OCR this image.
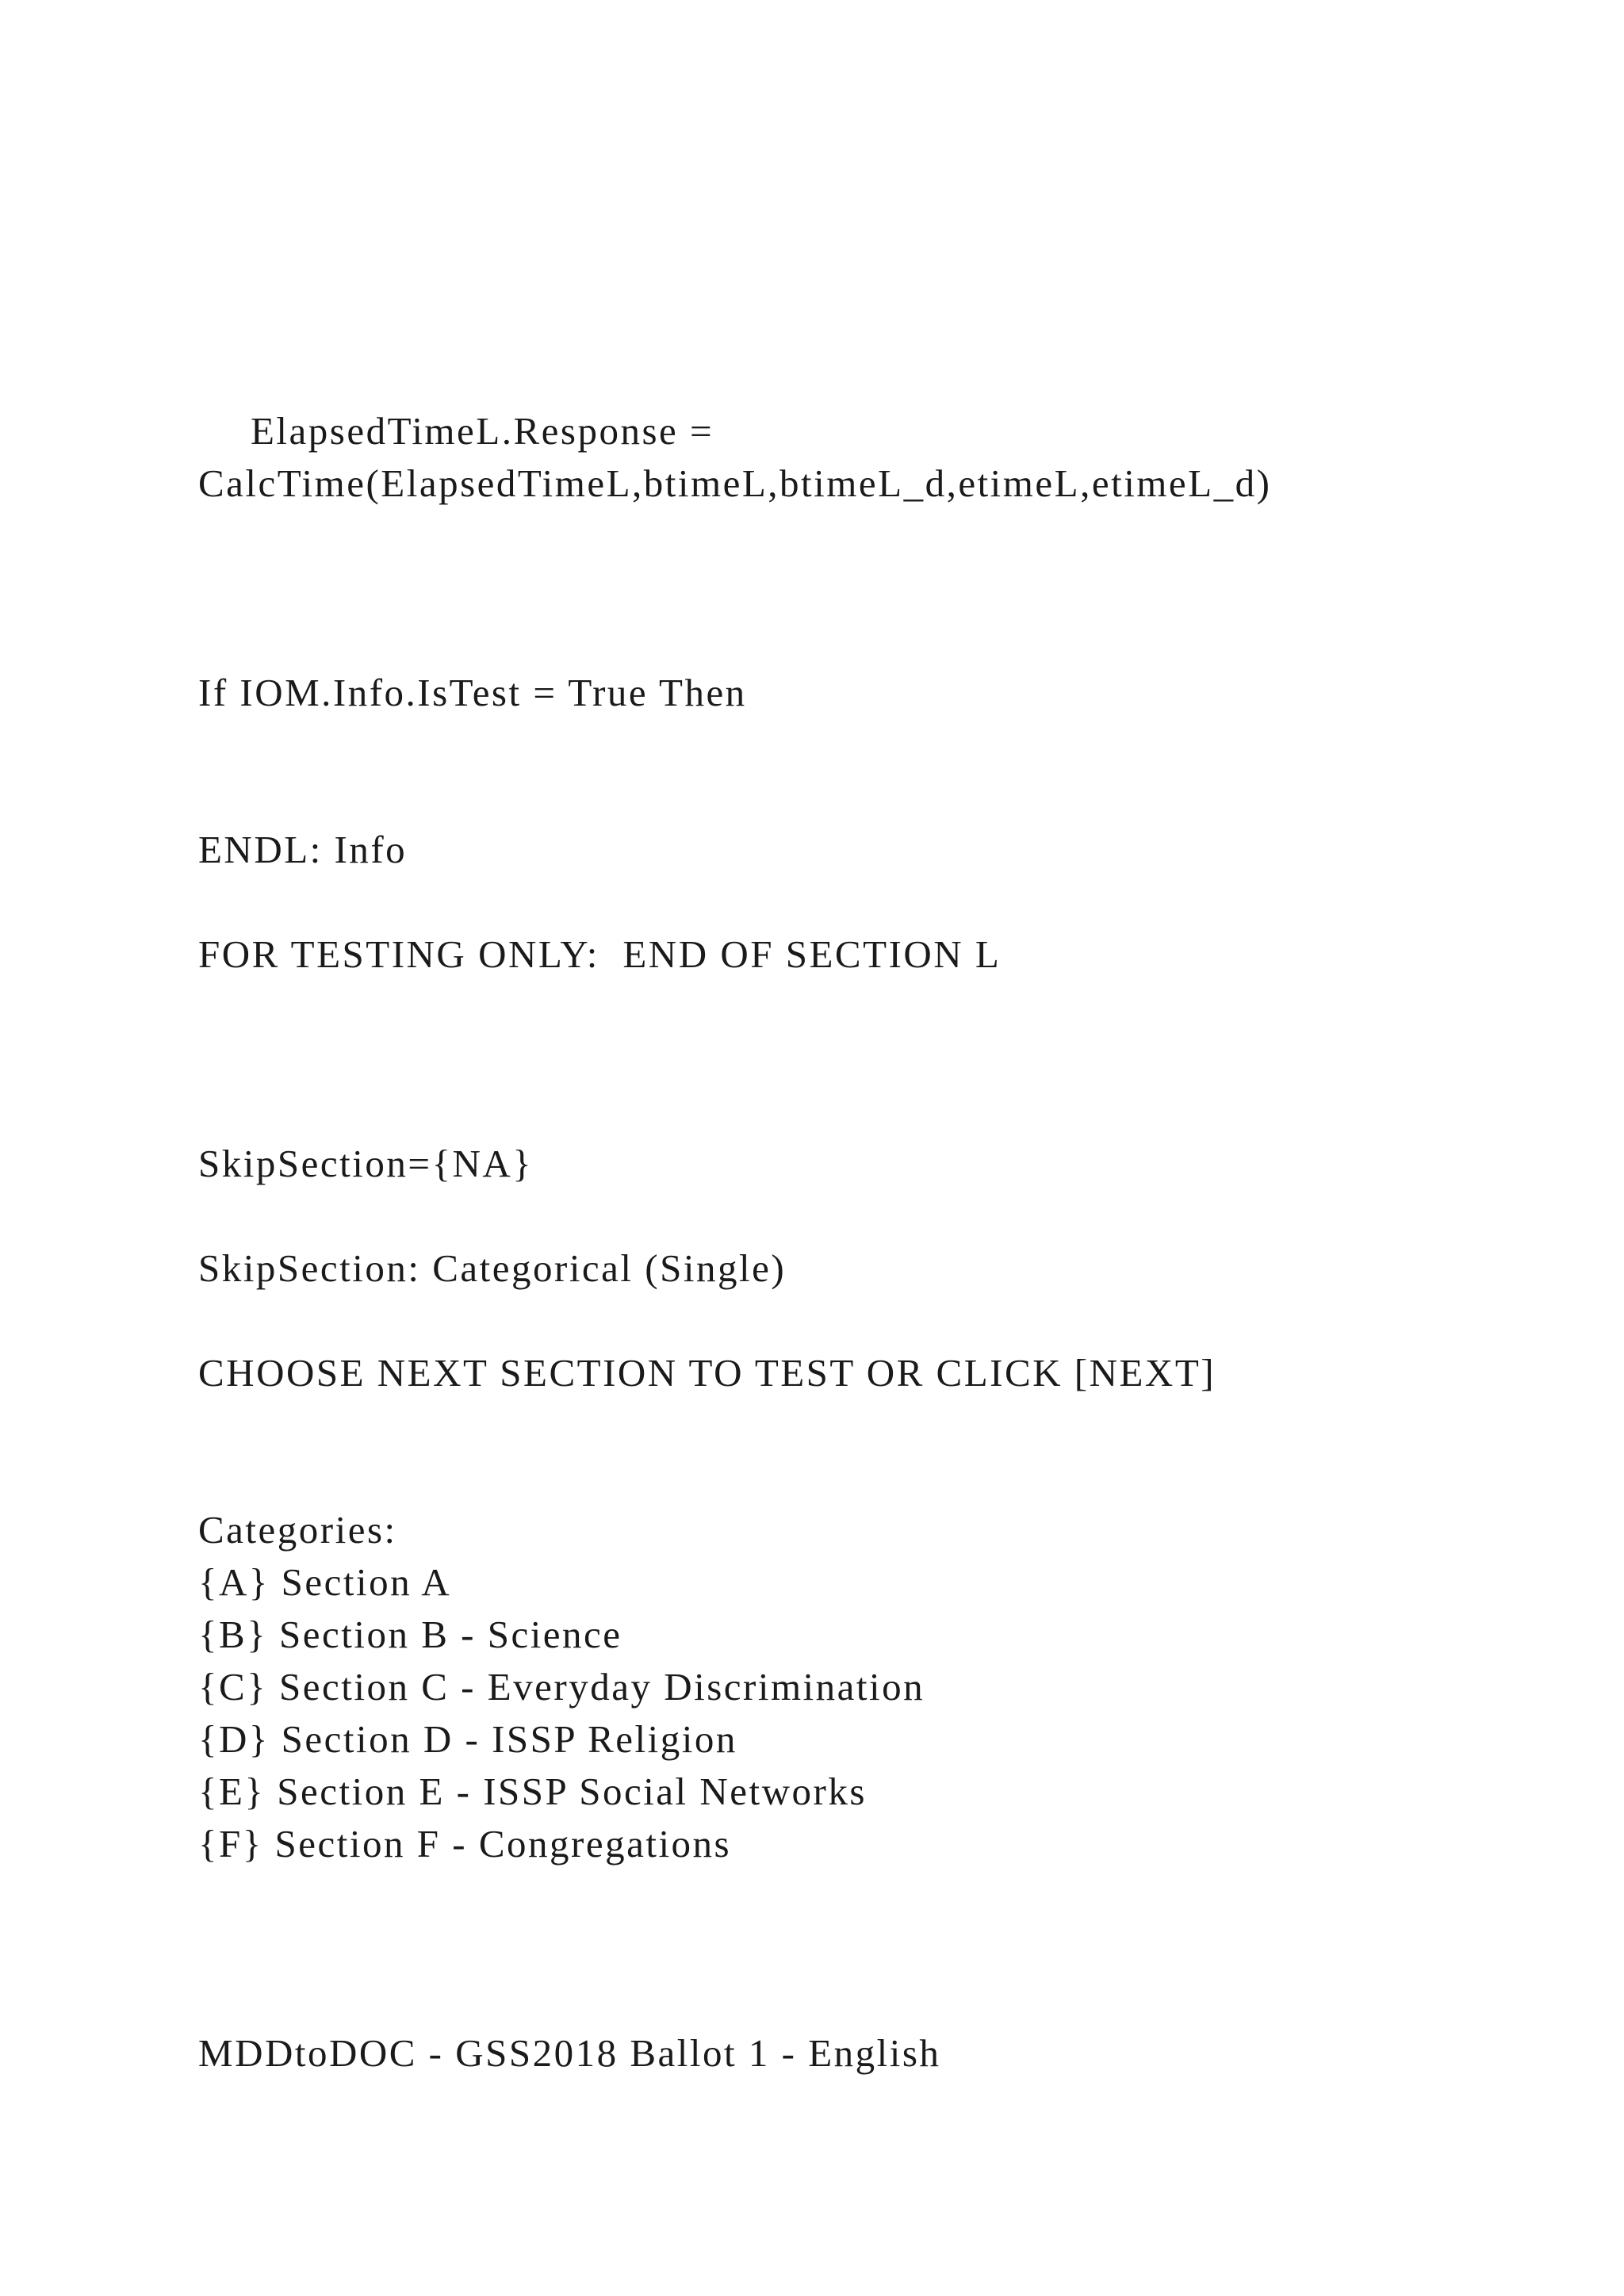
ElapsedTimeL.Response =
CalcTime(ElapsedTimeL,btimeL,btimeL_d,etimeL,etimeL_d)
If IOM.Info.IsTest = True Then
ENDL: Info
FOR TESTING ONLY:  END OF SECTION L
SkipSection={NA}
SkipSection: Categorical (Single)
CHOOSE NEXT SECTION TO TEST OR CLICK [NEXT]
Categories:
{A} Section A
{B} Section B - Science
{C} Section C - Everyday Discrimination
{D} Section D - ISSP Religion
{E} Section E - ISSP Social Networks
{F} Section F - Congregations
MDDtoDOC - GSS2018 Ballot 1 - English
